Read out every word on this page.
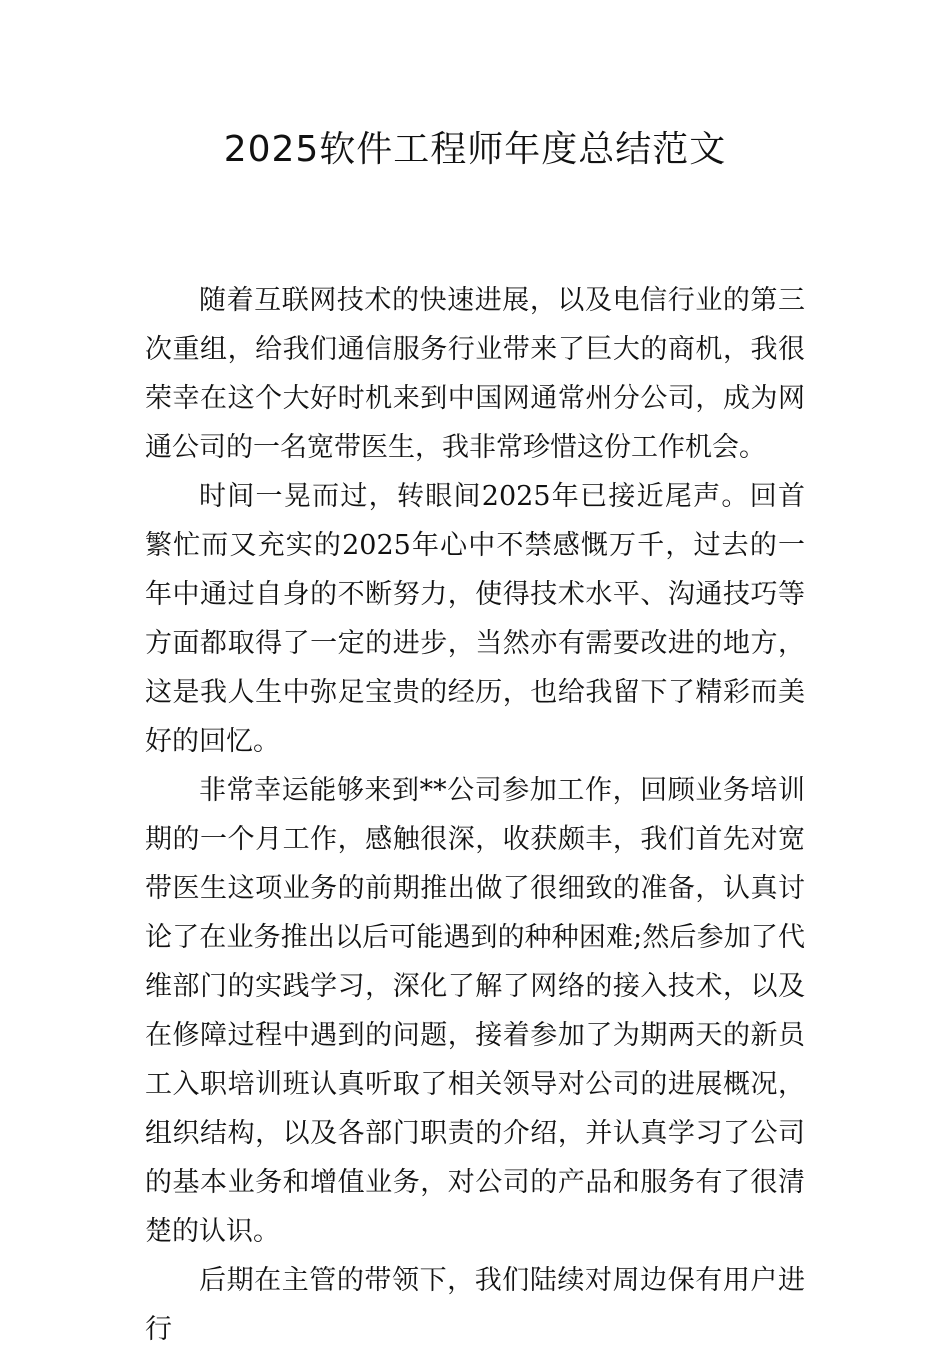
2025软件工程师年度总结范文

随着互联网技术的快速进展，以及电信行业的第三次重组，给我们通信服务行业带来了巨大的商机，我很荣幸在这个大好时机来到中国网通常州分公司，成为网通公司的一名宽带医生，我非常珍惜这份工作机会。

时间一晃而过，转眼间2025年已接近尾声。回首繁忙而又充实的2025年心中不禁感慨万千，过去的一年中通过自身的不断努力，使得技术水平、沟通技巧等方面都取得了一定的进步，当然亦有需要改进的地方，这是我人生中弥足宝贵的经历，也给我留下了精彩而美好的回忆。

非常幸运能够来到**公司参加工作，回顾业务培训期的一个月工作，感触很深，收获颇丰，我们首先对宽带医生这项业务的前期推出做了很细致的准备，认真讨论了在业务推出以后可能遇到的种种困难;然后参加了代维部门的实践学习，深化了解了网络的接入技术，以及在修障过程中遇到的问题，接着参加了为期两天的新员工入职培训班认真听取了相关领导对公司的进展概况，组织结构，以及各部门职责的介绍，并认真学习了公司的基本业务和增值业务，对公司的产品和服务有了很清楚的认识。

后期在主管的带领下，我们陆续对周边保有用户进行
